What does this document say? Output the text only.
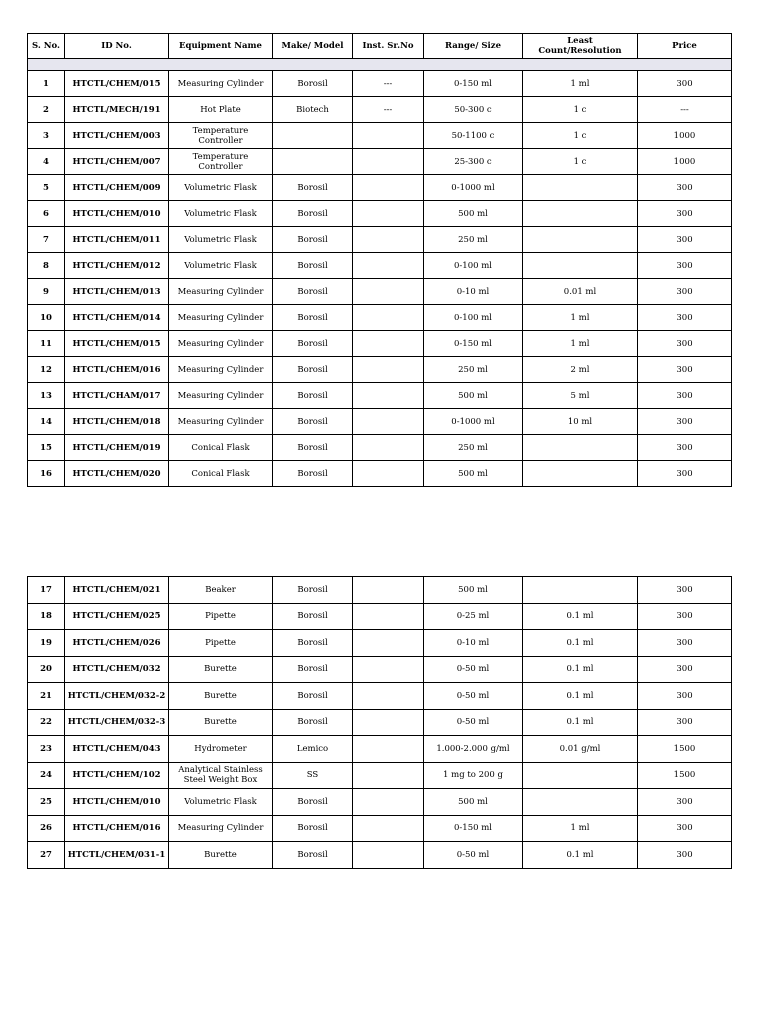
S. No.	ID No.	Equipment Name	Make/ Model	Inst. Sr.No	Range/ Size	Least Count/Resolution	Price

1	HTCTL/CHEM/015	Measuring Cylinder	Borosil	---	0-150 ml	1 ml	300
2	HTCTL/MECH/191	Hot Plate	Biotech	---	50-300 c	1 c	---
3	HTCTL/CHEM/003	Temperature Controller			50-1100 c	1 c	1000
4	HTCTL/CHEM/007	Temperature Controller			25-300 c	1 c	1000
5	HTCTL/CHEM/009	Volumetric Flask	Borosil		0-1000 ml		300
6	HTCTL/CHEM/010	Volumetric Flask	Borosil		500 ml		300
7	HTCTL/CHEM/011	Volumetric Flask	Borosil		250 ml		300
8	HTCTL/CHEM/012	Volumetric Flask	Borosil		0-100 ml		300
9	HTCTL/CHEM/013	Measuring Cylinder	Borosil		0-10 ml	0.01 ml	300
10	HTCTL/CHEM/014	Measuring Cylinder	Borosil		0-100 ml	1 ml	300
11	HTCTL/CHEM/015	Measuring Cylinder	Borosil		0-150 ml	1 ml	300
12	HTCTL/CHEM/016	Measuring Cylinder	Borosil		250 ml	2 ml	300
13	HTCTL/CHAM/017	Measuring Cylinder	Borosil		500 ml	5 ml	300
14	HTCTL/CHEM/018	Measuring Cylinder	Borosil		0-1000 ml	10 ml	300
15	HTCTL/CHEM/019	Conical Flask	Borosil		250 ml		300
16	HTCTL/CHEM/020	Conical Flask	Borosil		500 ml		300
17	HTCTL/CHEM/021	Beaker	Borosil		500 ml		300
18	HTCTL/CHEM/025	Pipette	Borosil		0-25 ml	0.1 ml	300
19	HTCTL/CHEM/026	Pipette	Borosil		0-10 ml	0.1 ml	300
20	HTCTL/CHEM/032	Burette	Borosil		0-50 ml	0.1 ml	300
21	HTCTL/CHEM/032-2	Burette	Borosil		0-50 ml	0.1 ml	300
22	HTCTL/CHEM/032-3	Burette	Borosil		0-50 ml	0.1 ml	300
23	HTCTL/CHEM/043	Hydrometer	Lemico		1.000-2.000 g/ml	0.01 g/ml	1500
24	HTCTL/CHEM/102	Analytical Stainless Steel Weight Box	SS		1 mg to 200 g		1500
25	HTCTL/CHEM/010	Volumetric Flask	Borosil		500 ml		300
26	HTCTL/CHEM/016	Measuring Cylinder	Borosil		0-150 ml	1 ml	300
27	HTCTL/CHEM/031-1	Burette	Borosil		0-50 ml	0.1 ml	300
